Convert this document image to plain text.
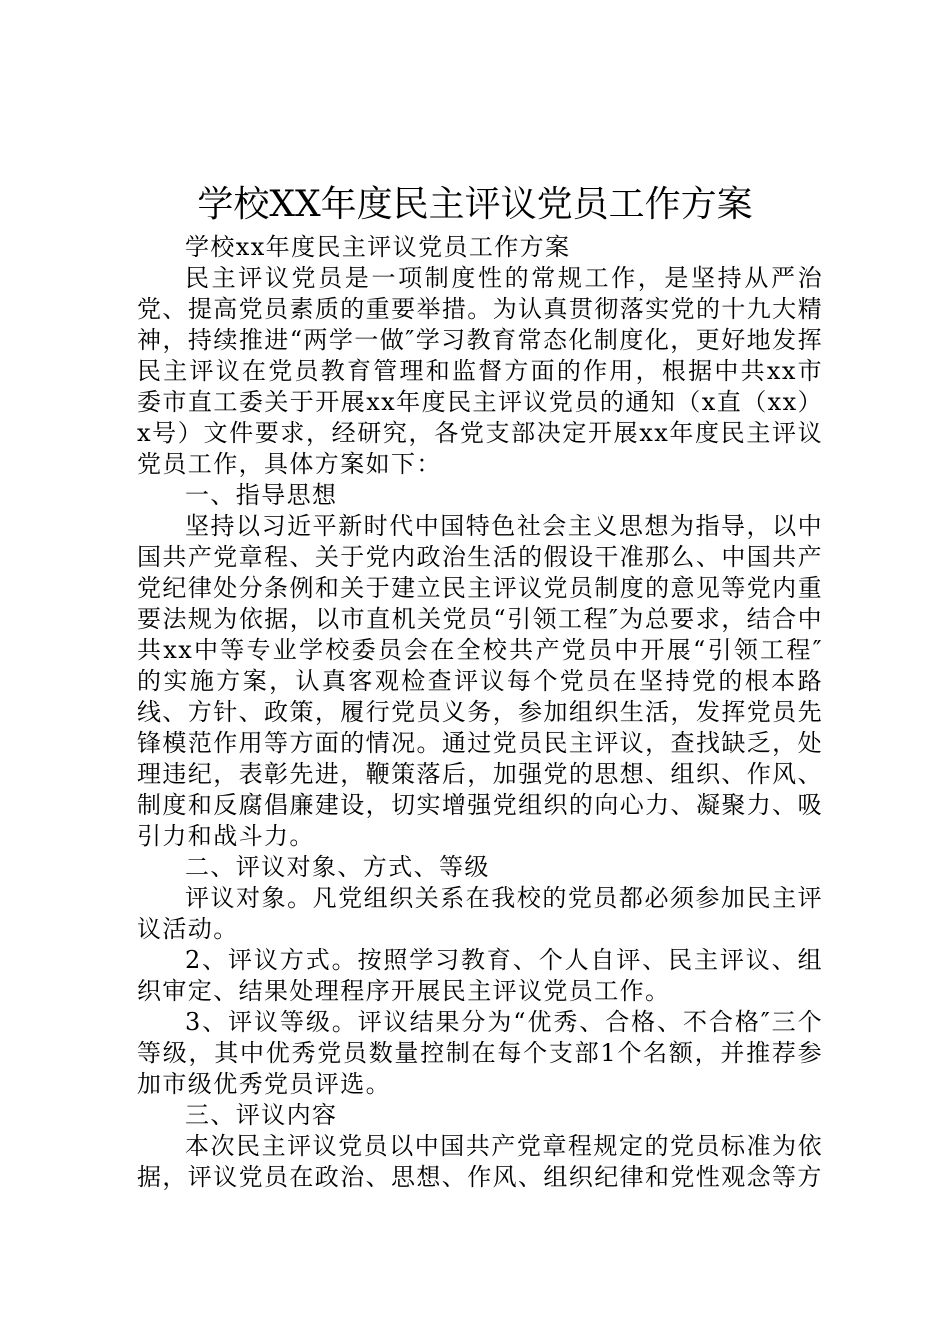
学校XX年度民主评议党员工作方案

学校xx年度民主评议党员工作方案

民主评议党员是一项制度性的常规工作，是坚持从严治党、提高党员素质的重要举措。为认真贯彻落实党的十九大精神，持续推进“两学一做″学习教育常态化制度化，更好地发挥民主评议在党员教育管理和监督方面的作用，根据中共xx市委市直工委关于开展xx年度民主评议党员的通知（x直（xx）x号）文件要求，经研究，各党支部决定开展xx年度民主评议党员工作，具体方案如下：

一、指导思想

坚持以习近平新时代中国特色社会主义思想为指导，以中国共产党章程、关于党内政治生活的假设干准那么、中国共产党纪律处分条例和关于建立民主评议党员制度的意见等党内重要法规为依据，以市直机关党员“引领工程″为总要求，结合中共xx中等专业学校委员会在全校共产党员中开展“引领工程″的实施方案，认真客观检查评议每个党员在坚持党的根本路线、方针、政策，履行党员义务，参加组织生活，发挥党员先锋模范作用等方面的情况。通过党员民主评议，查找缺乏，处理违纪，表彰先进，鞭策落后，加强党的思想、组织、作风、制度和反腐倡廉建设，切实增强党组织的向心力、凝聚力、吸引力和战斗力。

二、评议对象、方式、等级

评议对象。凡党组织关系在我校的党员都必须参加民主评议活动。

2、评议方式。按照学习教育、个人自评、民主评议、组织审定、结果处理程序开展民主评议党员工作。

3、评议等级。评议结果分为“优秀、合格、不合格″三个等级，其中优秀党员数量控制在每个支部1个名额，并推荐参加市级优秀党员评选。

三、评议内容

本次民主评议党员以中国共产党章程规定的党员标准为依据，评议党员在政治、思想、作风、组织纪律和党性观念等方
